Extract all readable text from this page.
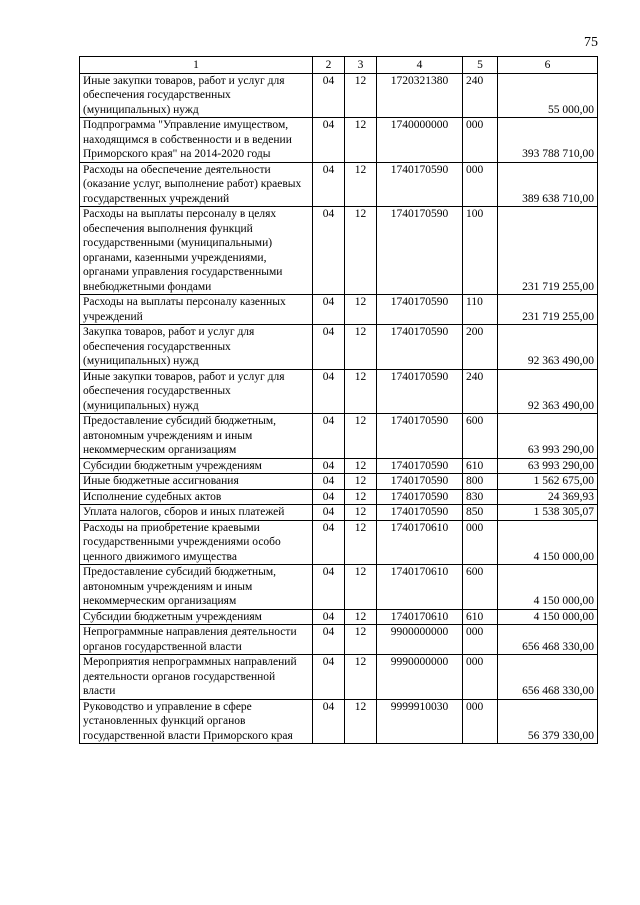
75
1	2	3	4	5	6
Иные закупки товаров, работ и услуг для обеспечения государственных (муниципальных) нужд	04	12	1720321380	240	55 000,00
Подпрограмма "Управление имуществом, находящимся в собственности и в ведении Приморского края" на 2014-2020 годы	04	12	1740000000	000	393 788 710,00
Расходы на обеспечение деятельности (оказание услуг, выполнение работ) краевых государственных учреждений	04	12	1740170590	000	389 638 710,00
Расходы на выплаты персоналу в целях обеспечения выполнения функций государственными (муниципальными) органами, казенными учреждениями, органами управления государственными внебюджетными фондами	04	12	1740170590	100	231 719 255,00
Расходы на выплаты персоналу казенных учреждений	04	12	1740170590	110	231 719 255,00
Закупка товаров, работ и услуг для обеспечения государственных (муниципальных) нужд	04	12	1740170590	200	92 363 490,00
Иные закупки товаров, работ и услуг для обеспечения государственных (муниципальных) нужд	04	12	1740170590	240	92 363 490,00
Предоставление субсидий бюджетным, автономным учреждениям и иным некоммерческим организациям	04	12	1740170590	600	63 993 290,00
Субсидии бюджетным учреждениям	04	12	1740170590	610	63 993 290,00
Иные бюджетные ассигнования	04	12	1740170590	800	1 562 675,00
Исполнение судебных актов	04	12	1740170590	830	24 369,93
Уплата налогов, сборов и иных платежей	04	12	1740170590	850	1 538 305,07
Расходы на приобретение краевыми государственными учреждениями особо ценного движимого имущества	04	12	1740170610	000	4 150 000,00
Предоставление субсидий бюджетным, автономным учреждениям и иным некоммерческим организациям	04	12	1740170610	600	4 150 000,00
Субсидии бюджетным учреждениям	04	12	1740170610	610	4 150 000,00
Непрограммные направления деятельности органов государственной власти	04	12	9900000000	000	656 468 330,00
Мероприятия непрограммных направлений деятельности органов государственной власти	04	12	9990000000	000	656 468 330,00
Руководство и управление в сфере установленных функций органов государственной власти Приморского края	04	12	9999910030	000	56 379 330,00
